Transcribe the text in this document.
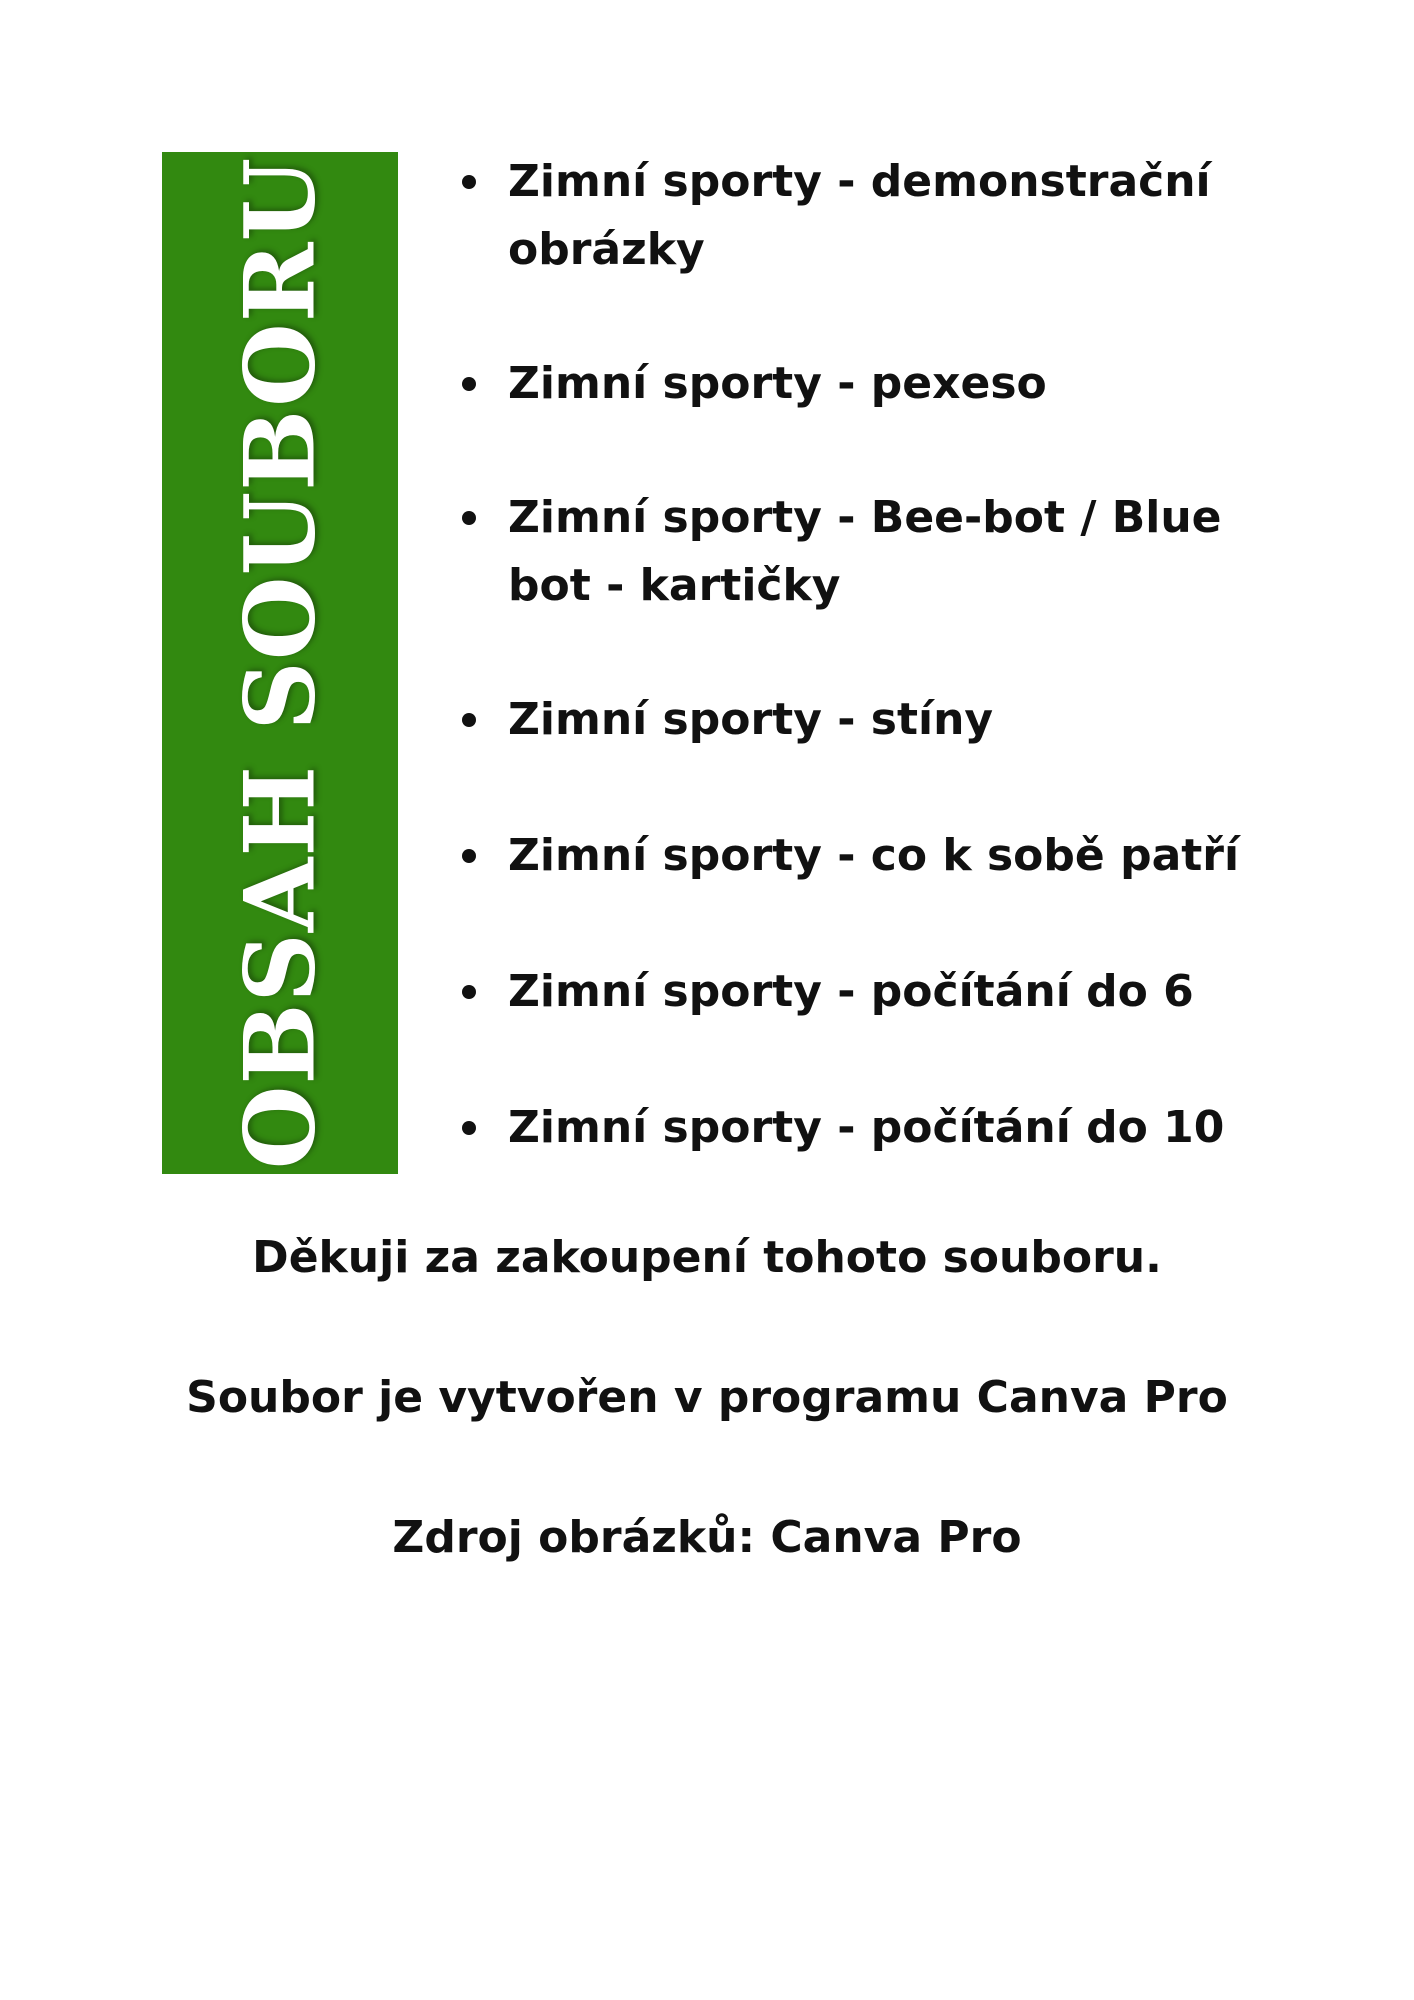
OBSAH SOUBORU	Zimní sporty - demonstrační obrázky
Zimní sporty - pexeso
Zimní sporty - Bee-bot / Blue bot - kartičky
Zimní sporty - stíny
Zimní sporty - co k sobě patří
Zimní sporty - počítání do 6
Zimní sporty - počítání do 10

Děkuji za zakoupení tohoto souboru.

Soubor je vytvořen v programu Canva Pro

Zdroj obrázků: Canva Pro
